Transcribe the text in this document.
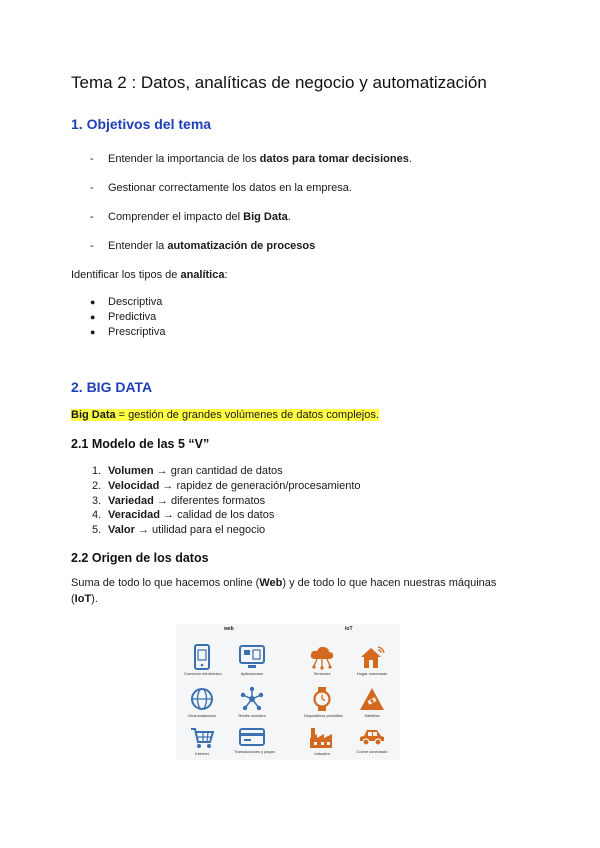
Tema 2 : Datos, analíticas de negocio y automatización
1. Objetivos del tema
- Entender la importancia de los datos para tomar decisiones.
- Gestionar correctamente los datos en la empresa.
- Comprender el impacto del Big Data.
- Entender la automatización de procesos
Identificar los tipos de analítica:
● Descriptiva
● Predictiva
● Prescriptiva
2. BIG DATA
Big Data = gestión de grandes volúmenes de datos complejos.
2.1 Modelo de las 5 “V”
1. Volumen → gran cantidad de datos
2. Velocidad → rapidez de generación/procesamiento
3. Variedad → diferentes formatos
4. Veracidad → calidad de los datos
5. Valor → utilidad para el negocio
2.2 Origen de los datos
Suma de todo lo que hacemos online (Web) y de todo lo que hacen nuestras máquinas
(IoT).
web	IoT
Comercio electrónico	Aplicaciones
Geolocalización	Redes sociales
Internet	Transacciones y pagos
Sensores	Hogar conectado
Dispositivos portátiles	Satélites
Industria	Coche conectado
